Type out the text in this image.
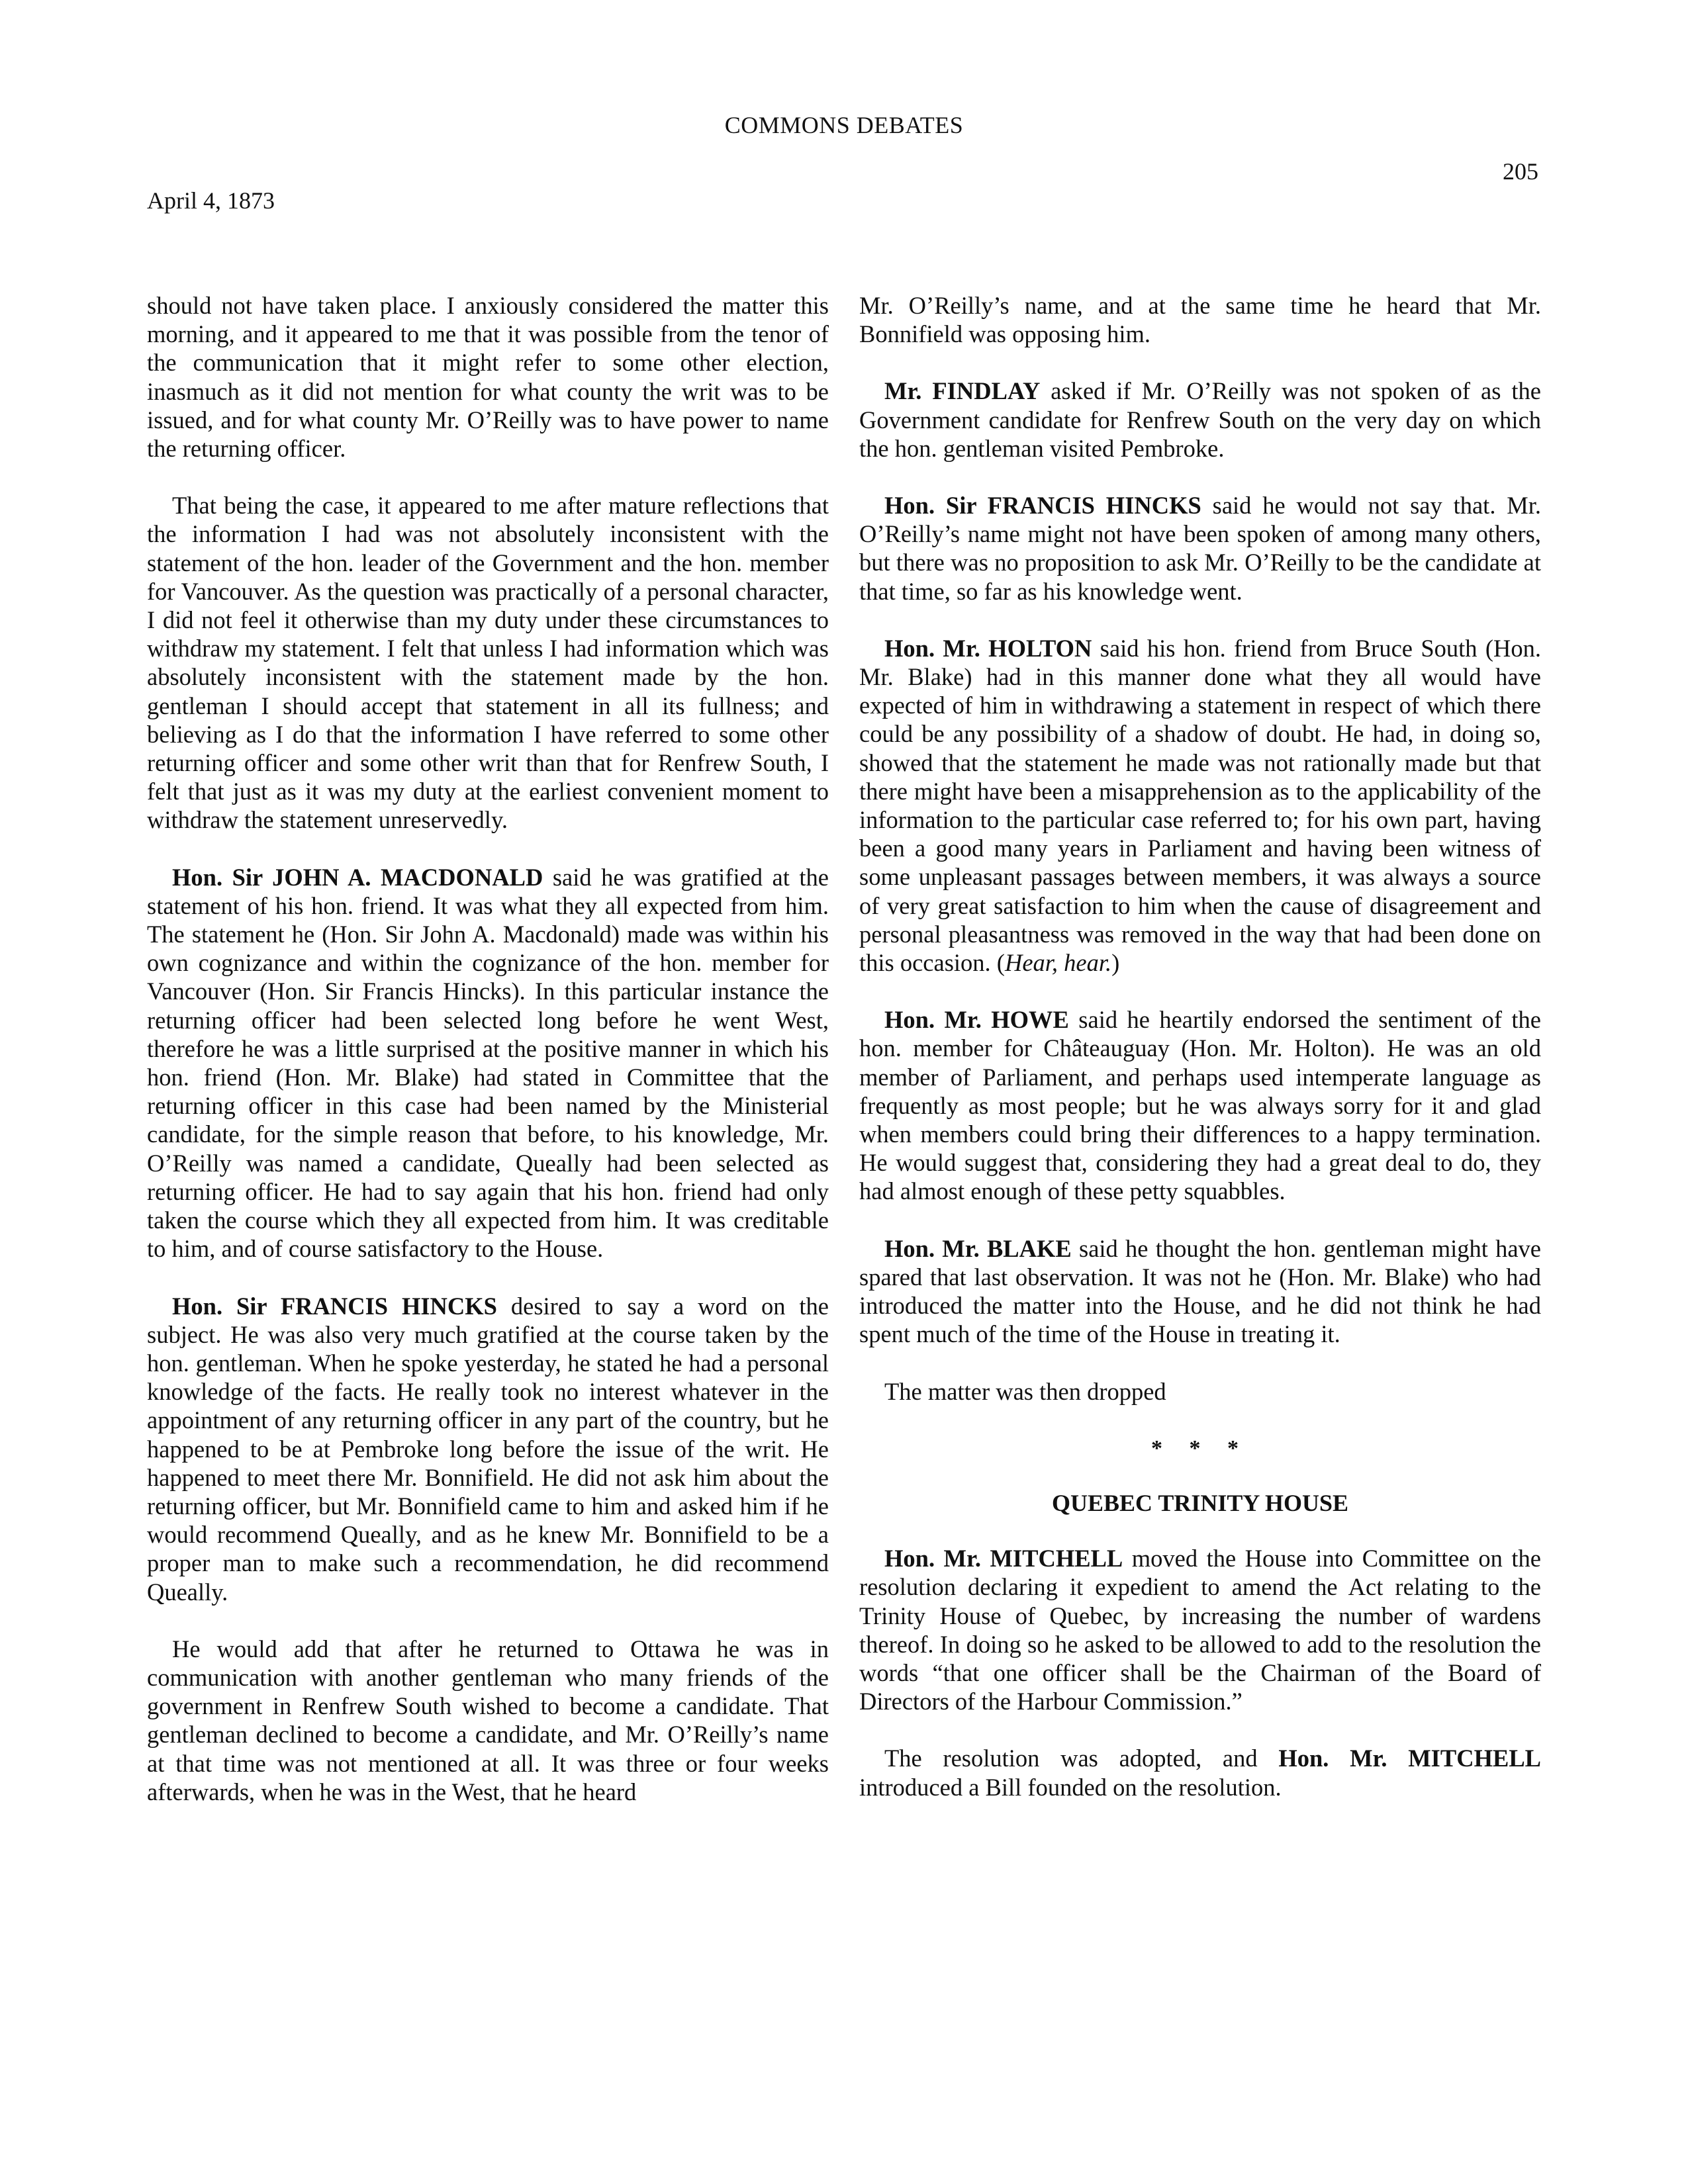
COMMONS DEBATES
205
April 4, 1873

should not have taken place. I anxiously considered the matter this morning, and it appeared to me that it was possible from the tenor of the communication that it might refer to some other election, inasmuch as it did not mention for what county the writ was to be issued, and for what county Mr. O’Reilly was to have power to name the returning officer.

That being the case, it appeared to me after mature reflections that the information I had was not absolutely inconsistent with the statement of the hon. leader of the Government and the hon. member for Vancouver. As the question was practically of a personal character, I did not feel it otherwise than my duty under these circumstances to withdraw my statement. I felt that unless I had information which was absolutely inconsistent with the statement made by the hon. gentleman I should accept that statement in all its fullness; and believing as I do that the information I have referred to some other returning officer and some other writ than that for Renfrew South, I felt that just as it was my duty at the earliest convenient moment to withdraw the statement unreservedly.

Hon. Sir JOHN A. MACDONALD said he was gratified at the statement of his hon. friend. It was what they all expected from him. The statement he (Hon. Sir John A. Macdonald) made was within his own cognizance and within the cognizance of the hon. member for Vancouver (Hon. Sir Francis Hincks). In this particular instance the returning officer had been selected long before he went West, therefore he was a little surprised at the positive manner in which his hon. friend (Hon. Mr. Blake) had stated in Committee that the returning officer in this case had been named by the Ministerial candidate, for the simple reason that before, to his knowledge, Mr. O’Reilly was named a candidate, Queally had been selected as returning officer. He had to say again that his hon. friend had only taken the course which they all expected from him. It was creditable to him, and of course satisfactory to the House.

Hon. Sir FRANCIS HINCKS desired to say a word on the subject. He was also very much gratified at the course taken by the hon. gentleman. When he spoke yesterday, he stated he had a personal knowledge of the facts. He really took no interest whatever in the appointment of any returning officer in any part of the country, but he happened to be at Pembroke long before the issue of the writ. He happened to meet there Mr. Bonnifield. He did not ask him about the returning officer, but Mr. Bonnifield came to him and asked him if he would recommend Queally, and as he knew Mr. Bonnifield to be a proper man to make such a recommendation, he did recommend Queally.

He would add that after he returned to Ottawa he was in communication with another gentleman who many friends of the government in Renfrew South wished to become a candidate. That gentleman declined to become a candidate, and Mr. O’Reilly’s name at that time was not mentioned at all. It was three or four weeks afterwards, when he was in the West, that he heard

Mr. O’Reilly’s name, and at the same time he heard that Mr. Bonnifield was opposing him.

Mr. FINDLAY asked if Mr. O’Reilly was not spoken of as the Government candidate for Renfrew South on the very day on which the hon. gentleman visited Pembroke.

Hon. Sir FRANCIS HINCKS said he would not say that. Mr. O’Reilly’s name might not have been spoken of among many others, but there was no proposition to ask Mr. O’Reilly to be the candidate at that time, so far as his knowledge went.

Hon. Mr. HOLTON said his hon. friend from Bruce South (Hon. Mr. Blake) had in this manner done what they all would have expected of him in withdrawing a statement in respect of which there could be any possibility of a shadow of doubt. He had, in doing so, showed that the statement he made was not rationally made but that there might have been a misapprehension as to the applicability of the information to the particular case referred to; for his own part, having been a good many years in Parliament and having been witness of some unpleasant passages between members, it was always a source of very great satisfaction to him when the cause of disagreement and personal pleasantness was removed in the way that had been done on this occasion. (Hear, hear.)

Hon. Mr. HOWE said he heartily endorsed the sentiment of the hon. member for Châteauguay (Hon. Mr. Holton). He was an old member of Parliament, and perhaps used intemperate language as frequently as most people; but he was always sorry for it and glad when members could bring their differences to a happy termination. He would suggest that, considering they had a great deal to do, they had almost enough of these petty squabbles.

Hon. Mr. BLAKE said he thought the hon. gentleman might have spared that last observation. It was not he (Hon. Mr. Blake) who had introduced the matter into the House, and he did not think he had spent much of the time of the House in treating it.

The matter was then dropped

* * *
QUEBEC TRINITY HOUSE

Hon. Mr. MITCHELL moved the House into Committee on the resolution declaring it expedient to amend the Act relating to the Trinity House of Quebec, by increasing the number of wardens thereof. In doing so he asked to be allowed to add to the resolution the words “that one officer shall be the Chairman of the Board of Directors of the Harbour Commission.”

The resolution was adopted, and Hon. Mr. MITCHELL introduced a Bill founded on the resolution.
